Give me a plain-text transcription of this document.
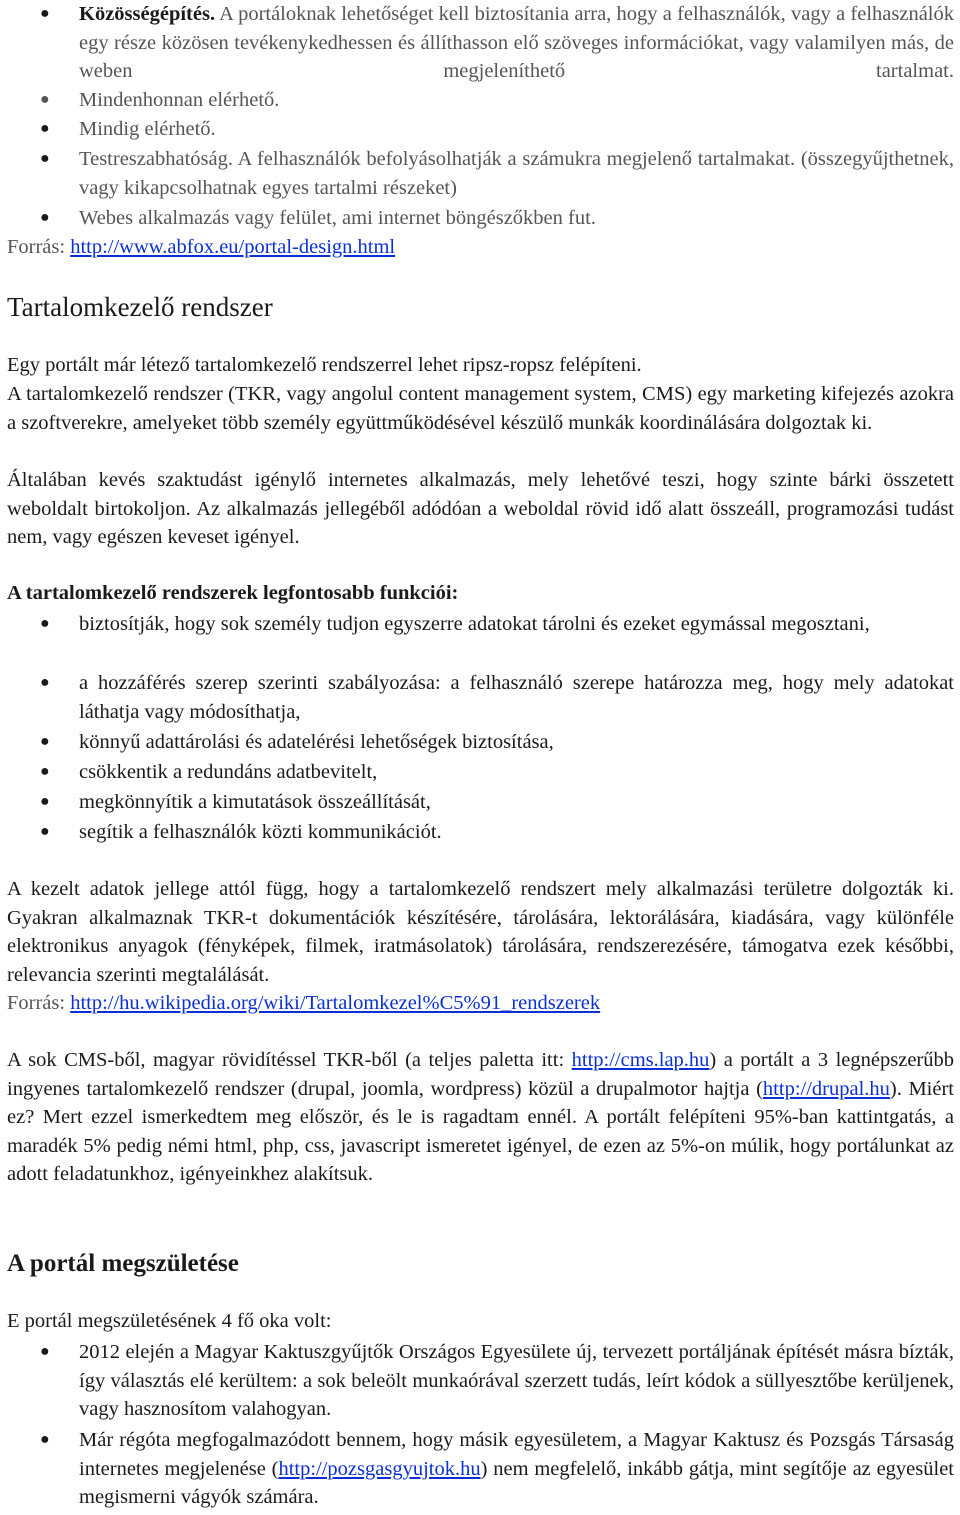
● Közösségépítés. A portáloknak lehetőséget kell biztosítania arra, hogy a felhasználók, vagy a felhasználók egy része közösen tevékenykedhessen és állíthasson elő szöveges információkat, vagy valamilyen más, de weben megjeleníthető tartalmat.

● Mindenhonnan elérhető.

● Mindig elérhető.

● Testreszabhatóság. A felhasználók befolyásolhatják a számukra megjelenő tartalmakat. (összegyűjthetnek, vagy kikapcsolhatnak egyes tartalmi részeket)

● Webes alkalmazás vagy felület, ami internet böngészőkben fut.

Forrás: http://www.abfox.eu/portal-design.html

Tartalomkezelő rendszer

Egy portált már létező tartalomkezelő rendszerrel lehet ripsz-ropsz felépíteni.

A tartalomkezelő rendszer (TKR, vagy angolul content management system, CMS) egy marketing kifejezés azokra a szoftverekre, amelyeket több személy együttműködésével készülő munkák koordinálására dolgoztak ki.

Általában kevés szaktudást igénylő internetes alkalmazás, mely lehetővé teszi, hogy szinte bárki összetett weboldalt birtokoljon. Az alkalmazás jellegéből adódóan a weboldal rövid idő alatt összeáll, programozási tudást nem, vagy egészen keveset igényel.

A tartalomkezelő rendszerek legfontosabb funkciói:

● biztosítják, hogy sok személy tudjon egyszerre adatokat tárolni és ezeket egymással megosztani,

● a hozzáférés szerep szerinti szabályozása: a felhasználó szerepe határozza meg, hogy mely adatokat láthatja vagy módosíthatja,

● könnyű adattárolási és adatelérési lehetőségek biztosítása,

● csökkentik a redundáns adatbevitelt,

● megkönnyítik a kimutatások összeállítását,

● segítik a felhasználók közti kommunikációt.

A kezelt adatok jellege attól függ, hogy a tartalomkezelő rendszert mely alkalmazási területre dolgozták ki. Gyakran alkalmaznak TKR-t dokumentációk készítésére, tárolására, lektorálására, kiadására, vagy különféle elektronikus anyagok (fényképek, filmek, iratmásolatok) tárolására, rendszerezésére, támogatva ezek későbbi, relevancia szerinti megtalálását.

Forrás: http://hu.wikipedia.org/wiki/Tartalomkezel%C5%91_rendszerek

A sok CMS-ből, magyar rövidítéssel TKR-ből (a teljes paletta itt: http://cms.lap.hu) a portált a 3 legnépszerűbb ingyenes tartalomkezelő rendszer (drupal, joomla, wordpress) közül a drupalmotor hajtja (http://drupal.hu). Miért ez? Mert ezzel ismerkedtem meg először, és le is ragadtam ennél. A portált felépíteni 95%-ban kattintgatás, a maradék 5% pedig némi html, php, css, javascript ismeretet igényel, de ezen az 5%-on múlik, hogy portálunkat az adott feladatunkhoz, igényeinkhez alakítsuk.

A portál megszületése

E portál megszületésének 4 fő oka volt:

● 2012 elején a Magyar Kaktuszgyűjtők Országos Egyesülete új, tervezett portáljának építését másra bízták, így választás elé kerültem: a sok beleölt munkaórával szerzett tudás, leírt kódok a süllyesztőbe kerüljenek, vagy hasznosítom valahogyan.

● Már régóta megfogalmazódott bennem, hogy másik egyesületem, a Magyar Kaktusz és Pozsgás Társaság internetes megjelenése (http://pozsgasgyujtok.hu) nem megfelelő, inkább gátja, mint segítője az egyesület megismerni vágyók számára.
